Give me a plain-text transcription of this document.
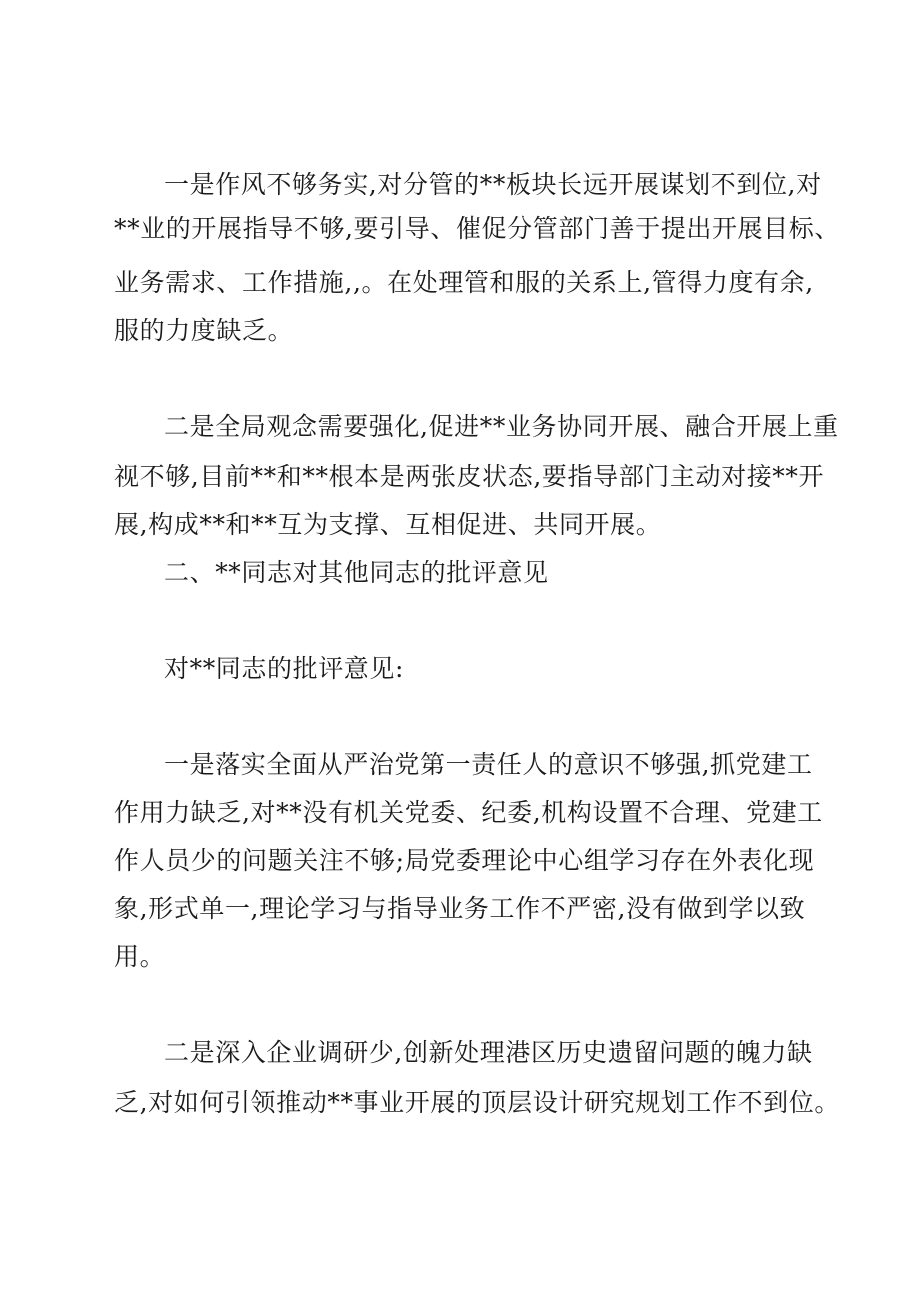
一是作风不够务实,对分管的**板块长远开展谋划不到位,对
**业的开展指导不够,要引导、催促分管部门善于提出开展目标、
业务需求、工作措施,,。在处理管和服的关系上,管得力度有余,
服的力度缺乏。
二是全局观念需要强化,促进**业务协同开展、融合开展上重
视不够,目前**和**根本是两张皮状态,要指导部门主动对接**开
展,构成**和**互为支撑、互相促进、共同开展。
二、**同志对其他同志的批评意见
对**同志的批评意见:
一是落实全面从严治党第一责任人的意识不够强,抓党建工
作用力缺乏,对**没有机关党委、纪委,机构设置不合理、党建工
作人员少的问题关注不够;局党委理论中心组学习存在外表化现
象,形式单一,理论学习与指导业务工作不严密,没有做到学以致
用。
二是深入企业调研少,创新处理港区历史遗留问题的魄力缺
乏,对如何引领推动**事业开展的顶层设计研究规划工作不到位。
